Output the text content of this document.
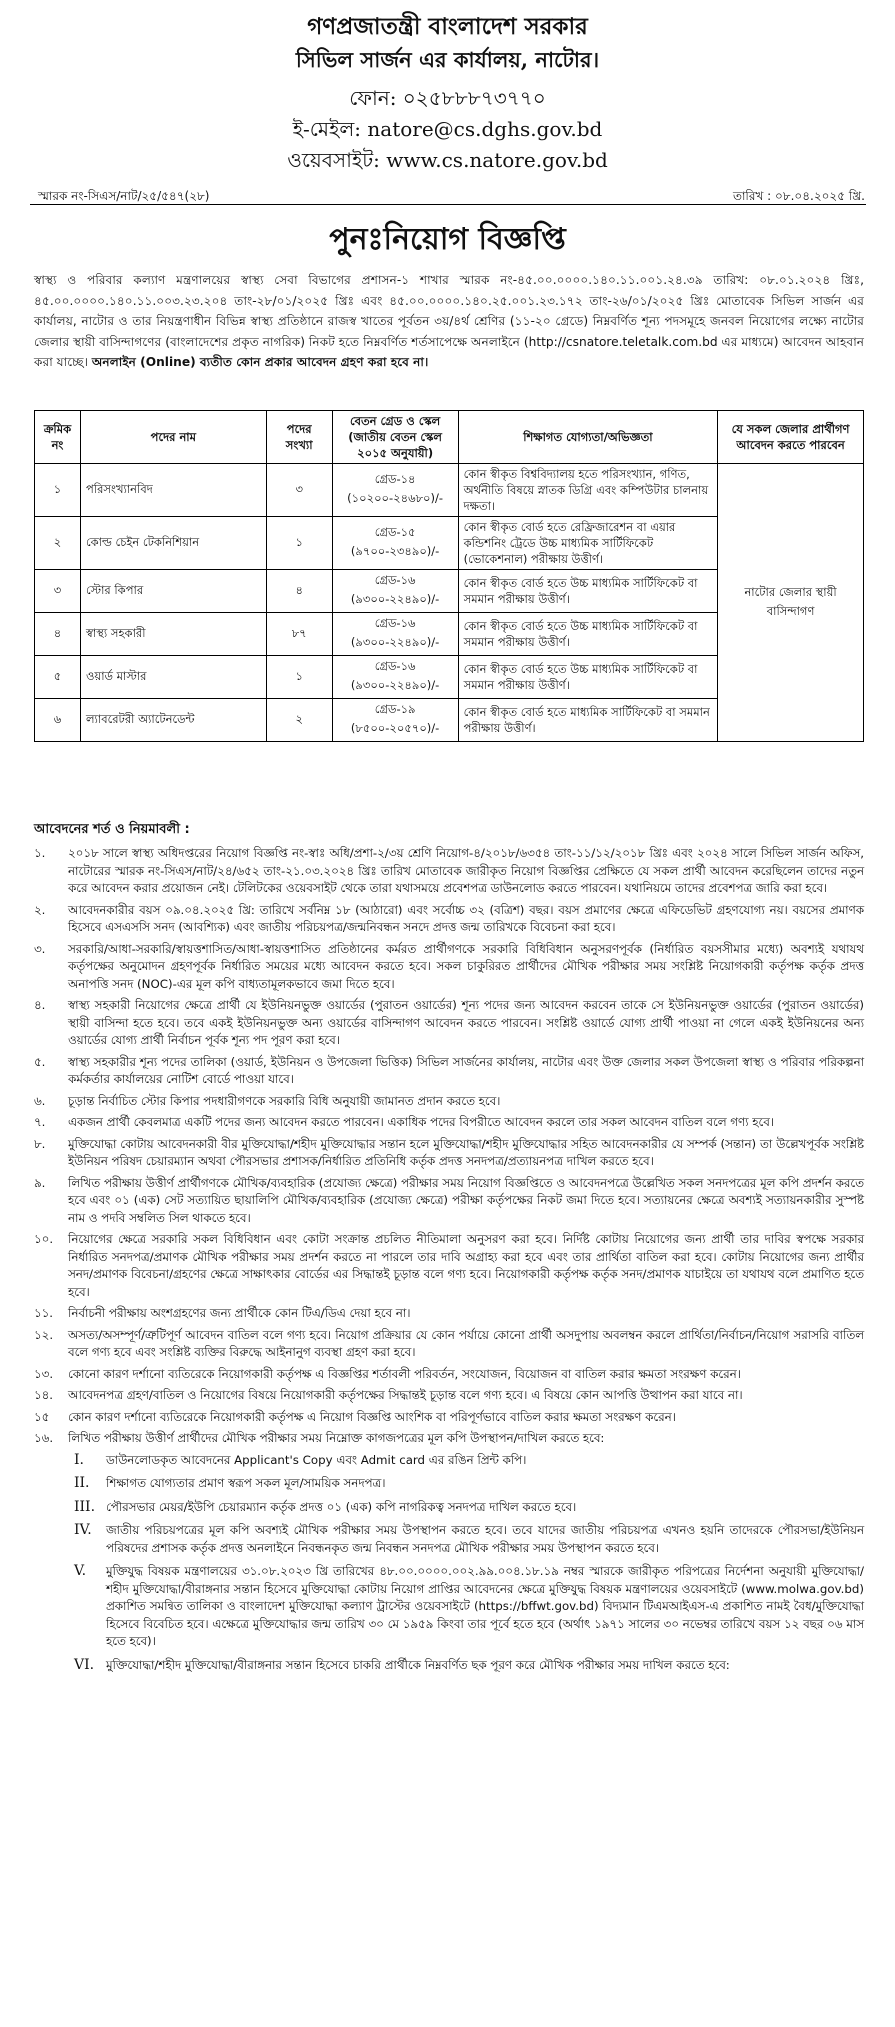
গণপ্রজাতন্ত্রী বাংলাদেশ সরকার
সিভিল সার্জন এর কার্যালয়, নাটোর।
ফোন: ০২৫৮৮৮৭৩৭৭০
ই-মেইল: natore@cs.dghs.gov.bd
ওয়েবসাইট: www.cs.natore.gov.bd
স্মারক নং-সিএস/নাট/২৫/৫৪৭(২৮)	তারিখ : ০৮.০৪.২০২৫ খ্রি.
পুনঃনিয়োগ বিজ্ঞপ্তি
স্বাস্থ্য ও পরিবার কল্যাণ মন্ত্রণালয়ের স্বাস্থ্য সেবা বিভাগের প্রশাসন-১ শাখার স্মারক নং-৪৫.০০.০০০০.১৪০.১১.০০১.২৪.৩৯ তারিখ: ০৮.০১.২০২৪ খ্রিঃ, ৪৫.০০.০০০০.১৪০.১১.০০৩.২৩.২০৪ তাং-২৮/০১/২০২৫ খ্রিঃ এবং ৪৫.০০.০০০০.১৪০.২৫.০০১.২৩.১৭২ তাং-২৬/০১/২০২৫ খ্রিঃ মোতাবেক সিভিল সার্জন এর কার্যালয়, নাটোর ও তার নিয়ন্ত্রণাধীন বিভিন্ন স্বাস্থ্য প্রতিষ্ঠানে রাজস্ব খাতের পূর্বতন ৩য়/৪র্থ শ্রেণির (১১-২০ গ্রেডে) নিম্নবর্ণিত শূন্য পদসমূহে জনবল নিয়োগের লক্ষ্যে নাটোর জেলার স্থায়ী বাসিন্দাগণের (বাংলাদেশের প্রকৃত নাগরিক) নিকট হতে নিম্নবর্ণিত শর্তসাপেক্ষে অনলাইনে (http://csnatore.teletalk.com.bd এর মাধ্যমে) আবেদন আহবান করা যাচ্ছে। অনলাইন (Online) ব্যতীত কোন প্রকার আবেদন গ্রহণ করা হবে না।
ক্রমিক নং	পদের নাম	পদের সংখ্যা	বেতন গ্রেড ও স্কেল (জাতীয় বেতন স্কেল ২০১৫ অনুযায়ী)	শিক্ষাগত যোগ্যতা/অভিজ্ঞতা	যে সকল জেলার প্রার্থীগণ আবেদন করতে পারবেন
১	পরিসংখ্যানবিদ	৩	গ্রেড-১৪
(১০২০০-২৪৬৮০)/-	কোন স্বীকৃত বিশ্ববিদ্যালয় হতে পরিসংখ্যান, গণিত, অর্থনীতি বিষয়ে স্নাতক ডিগ্রি এবং কম্পিউটার চালনায় দক্ষতা।	নাটোর জেলার স্থায়ী বাসিন্দাগণ
২	কোল্ড চেইন টেকনিশিয়ান	১	গ্রেড-১৫
(৯৭০০-২৩৪৯০)/-	কোন স্বীকৃত বোর্ড হতে রেফ্রিজারেশন বা এয়ার কন্ডিশনিং ট্রেডে উচ্চ মাধ্যমিক সার্টিফিকেট (ভোকেশনাল) পরীক্ষায় উত্তীর্ণ।	
৩	স্টোর কিপার	৪	গ্রেড-১৬
(৯৩০০-২২৪৯০)/-	কোন স্বীকৃত বোর্ড হতে উচ্চ মাধ্যমিক সার্টিফিকেট বা সমমান পরীক্ষায় উত্তীর্ণ।	
৪	স্বাস্থ্য সহকারী	৮৭	গ্রেড-১৬
(৯৩০০-২২৪৯০)/-	কোন স্বীকৃত বোর্ড হতে উচ্চ মাধ্যমিক সার্টিফিকেট বা সমমান পরীক্ষায় উত্তীর্ণ।	
৫	ওয়ার্ড মাস্টার	১	গ্রেড-১৬
(৯৩০০-২২৪৯০)/-	কোন স্বীকৃত বোর্ড হতে উচ্চ মাধ্যমিক সার্টিফিকেট বা সমমান পরীক্ষায় উত্তীর্ণ।	
৬	ল্যাবরেটরী অ্যাটেনডেন্ট	২	গ্রেড-১৯
(৮৫০০-২০৫৭০)/-	কোন স্বীকৃত বোর্ড হতে মাধ্যমিক সার্টিফিকেট বা সমমান পরীক্ষায় উত্তীর্ণ।	
আবেদনের শর্ত ও নিয়মাবলী :
১.	২০১৮ সালে স্বাস্থ্য অধিদপ্তরের নিয়োগ বিজ্ঞপ্তি নং-স্বাঃ অধি/প্রশা-২/৩য় শ্রেণি নিয়োগ-৪/২০১৮/৬৩৫৪ তাং-১১/১২/২০১৮ খ্রিঃ এবং ২০২৪ সালে সিভিল সার্জন অফিস, নাটোরের স্মারক নং-সিএস/নাট/২৪/৬৫২ তাং-২১.০৩.২০২৪ খ্রিঃ তারিখ মোতাবেক জারীকৃত নিয়োগ বিজ্ঞপ্তির প্রেক্ষিতে যে সকল প্রার্থী আবেদন করেছিলেন তাদের নতুন করে আবেদন করার প্রয়োজন নেই। টেলিটকের ওয়েবসাইট থেকে তারা যথাসময়ে প্রবেশপত্র ডাউনলোড করতে পারবেন। যথানিয়মে তাদের প্রবেশপত্র জারি করা হবে।
২.	আবেদনকারীর বয়স ০৯.০৪.২০২৫ খ্রি: তারিখে সর্বনিম্ন ১৮ (আঠারো) এবং সর্বোচ্চ ৩২ (বত্রিশ) বছর। বয়স প্রমাণের ক্ষেত্রে এফিডেভিট গ্রহণযোগ্য নয়। বয়সের প্রমাণক হিসেবে এসএসসি সনদ (আবশ্যিক) এবং জাতীয় পরিচয়পত্র/জন্মনিবন্ধন সনদে প্রদত্ত জন্ম তারিখকে বিবেচনা করা হবে।
৩.	সরকারি/আধা-সরকারি/স্বায়ত্তশাসিত/আধা-স্বায়ত্তশাসিত প্রতিষ্ঠানের কর্মরত প্রার্থীগণকে সরকারি বিধিবিধান অনুসরণপূর্বক (নির্ধারিত বয়সসীমার মধ্যে) অবশ্যই যথাযথ কর্তৃপক্ষের অনুমোদন গ্রহণপূর্বক নির্ধারিত সময়ের মধ্যে আবেদন করতে হবে। সকল চাকুরিরত প্রার্থীদের মৌখিক পরীক্ষার সময় সংশ্লিষ্ট নিয়োগকারী কর্তৃপক্ষ কর্তৃক প্রদত্ত অনাপত্তি সনদ (NOC)-এর মূল কপি বাধ্যতামূলকভাবে জমা দিতে হবে।
৪.	স্বাস্থ্য সহকারী নিয়োগের ক্ষেত্রে প্রার্থী যে ইউনিয়নভুক্ত ওয়ার্ডের (পুরাতন ওয়ার্ডের) শূন্য পদের জন্য আবেদন করবেন তাকে সে ইউনিয়নভুক্ত ওয়ার্ডের (পুরাতন ওয়ার্ডের) স্থায়ী বাসিন্দা হতে হবে। তবে একই ইউনিয়নভুক্ত অন্য ওয়ার্ডের বাসিন্দাগণ আবেদন করতে পারবেন। সংশ্লিষ্ট ওয়ার্ডে যোগ্য প্রার্থী পাওয়া না গেলে একই ইউনিয়নের অন্য ওয়ার্ডের যোগ্য প্রার্থী নির্বাচন পূর্বক শূন্য পদ পূরণ করা হবে।
৫.	স্বাস্থ্য সহকারীর শূন্য পদের তালিকা (ওয়ার্ড, ইউনিয়ন ও উপজেলা ভিত্তিক) সিভিল সার্জনের কার্যালয়, নাটোর এবং উক্ত জেলার সকল উপজেলা স্বাস্থ্য ও পরিবার পরিকল্পনা কর্মকর্তার কার্যালয়ের নোটিশ বোর্ডে পাওয়া যাবে।
৬.	চূড়ান্ত নির্বাচিত স্টোর কিপার পদধারীগণকে সরকারি বিধি অনুযায়ী জামানত প্রদান করতে হবে।
৭.	একজন প্রার্থী কেবলমাত্র একটি পদের জন্য আবেদন করতে পারবেন। একাধিক পদের বিপরীতে আবেদন করলে তার সকল আবেদন বাতিল বলে গণ্য হবে।
৮.	মুক্তিযোদ্ধা কোটায় আবেদনকারী বীর মুক্তিযোদ্ধা/শহীদ মুক্তিযোদ্ধার সন্তান হলে মুক্তিযোদ্ধা/শহীদ মুক্তিযোদ্ধার সহিত আবেদনকারীর যে সম্পর্ক (সন্তান) তা উল্লেখপূর্বক সংশ্লিষ্ট ইউনিয়ন পরিষদ চেয়ারম্যান অথবা পৌরসভার প্রশাসক/নির্ধারিত প্রতিনিধি কর্তৃক প্রদত্ত সনদপত্র/প্রত্যায়নপত্র দাখিল করতে হবে।
৯.	লিখিত পরীক্ষায় উত্তীর্ণ প্রার্থীগণকে মৌখিক/ব্যবহারিক (প্রযোজ্য ক্ষেত্রে) পরীক্ষার সময় নিয়োগ বিজ্ঞপ্তিতে ও আবেদনপত্রে উল্লেখিত সকল সনদপত্রের মূল কপি প্রদর্শন করতে হবে এবং ০১ (এক) সেট সত্যায়িত ছায়ালিপি মৌখিক/ব্যবহারিক (প্রযোজ্য ক্ষেত্রে) পরীক্ষা কর্তৃপক্ষের নিকট জমা দিতে হবে। সত্যায়নের ক্ষেত্রে অবশ্যই সত্যায়নকারীর সুস্পষ্ট নাম ও পদবি সম্বলিত সিল থাকতে হবে।
১০.	নিয়োগের ক্ষেত্রে সরকারি সকল বিধিবিধান এবং কোটা সংক্রান্ত প্রচলিত নীতিমালা অনুসরণ করা হবে। নির্দিষ্ট কোটায় নিয়োগের জন্য প্রার্থী তার দাবির স্বপক্ষে সরকার নির্ধারিত সনদপত্র/প্রমাণক মৌখিক পরীক্ষার সময় প্রদর্শন করতে না পারলে তার দাবি অগ্রাহ্য করা হবে এবং তার প্রার্থিতা বাতিল করা হবে। কোটায় নিয়োগের জন্য প্রার্থীর সনদ/প্রমাণক বিবেচনা/গ্রহণের ক্ষেত্রে সাক্ষাৎকার বোর্ডের এর সিদ্ধান্তই চূড়ান্ত বলে গণ্য হবে। নিয়োগকারী কর্তৃপক্ষ কর্তৃক সনদ/প্রমাণক যাচাইয়ে তা যথাযথ বলে প্রমাণিত হতে হবে।
১১.	নির্বাচনী পরীক্ষায় অংশগ্রহণের জন্য প্রার্থীকে কোন টিএ/ডিএ দেয়া হবে না।
১২.	অসত্য/অসম্পূর্ণ/ত্রুটিপূর্ণ আবেদন বাতিল বলে গণ্য হবে। নিয়োগ প্রক্রিয়ার যে কোন পর্যায়ে কোনো প্রার্থী অসদুপায় অবলম্বন করলে প্রার্থিতা/নির্বাচন/নিয়োগ সরাসরি বাতিল বলে গণ্য হবে এবং সংশ্লিষ্ট ব্যক্তির বিরুদ্ধে আইনানুগ ব্যবস্থা গ্রহণ করা হবে।
১৩.	কোনো কারণ দর্শানো ব্যতিরেকে নিয়োগকারী কর্তৃপক্ষ এ বিজ্ঞপ্তির শর্তাবলী পরিবর্তন, সংযোজন, বিয়োজন বা বাতিল করার ক্ষমতা সংরক্ষণ করেন।
১৪.	আবেদনপত্র গ্রহণ/বাতিল ও নিয়োগের বিষয়ে নিয়োগকারী কর্তৃপক্ষের সিদ্ধান্তই চূড়ান্ত বলে গণ্য হবে। এ বিষয়ে কোন আপত্তি উত্থাপন করা যাবে না।
১৫	কোন কারণ দর্শানো ব্যতিরেকে নিয়োগকারী কর্তৃপক্ষ এ নিয়োগ বিজ্ঞপ্তি আংশিক বা পরিপূর্ণভাবে বাতিল করার ক্ষমতা সংরক্ষণ করেন।
১৬.	লিখিত পরীক্ষায় উত্তীর্ণ প্রার্থীদের মৌখিক পরীক্ষার সময় নিম্নোক্ত কাগজপত্রের মূল কপি উপস্থাপন/দাখিল করতে হবে:
I.	ডাউনলোডকৃত আবেদনের Applicant's Copy এবং Admit card এর রঙিন প্রিন্ট কপি।
II.	শিক্ষাগত যোগ্যতার প্রমাণ স্বরূপ সকল মূল/সাময়িক সনদপত্র।
III. পৌরসভার মেয়র/ইউপি চেয়ারম্যান কর্তৃক প্রদত্ত ০১ (এক) কপি নাগরিকত্ব সনদপত্র দাখিল করতে হবে।
IV.	জাতীয় পরিচয়পত্রের মূল কপি অবশ্যই মৌখিক পরীক্ষার সময় উপস্থাপন করতে হবে। তবে যাদের জাতীয় পরিচয়পত্র এখনও হয়নি তাদেরকে পৌরসভা/ইউনিয়ন পরিষদের প্রশাসক কর্তৃক প্রদত্ত অনলাইনে নিবন্ধনকৃত জন্ম নিবন্ধন সনদপত্র মৌখিক পরীক্ষার সময় উপস্থাপন করতে হবে।
V.	মুক্তিযুদ্ধ বিষয়ক মন্ত্রণালয়ের ৩১.০৮.২০২৩ খ্রি তারিখের ৪৮.০০.০০০০.০০২.৯৯.০০৪.১৮.১৯ নম্বর স্মারকে জারীকৃত পরিপত্রের নির্দেশনা অনুযায়ী মুক্তিযোদ্ধা/শহীদ মুক্তিযোদ্ধা/বীরাঙ্গনার সন্তান হিসেবে মুক্তিযোদ্ধা কোটায় নিয়োগ প্রাপ্তির আবেদনের ক্ষেত্রে মুক্তিযুদ্ধ বিষয়ক মন্ত্রণালয়ের ওয়েবসাইটে (www.molwa.gov.bd) প্রকাশিত সমন্বিত তালিকা ও বাংলাদেশ মুক্তিযোদ্ধা কল্যাণ ট্রাস্টের ওয়েবসাইটে (https://bffwt.gov.bd) বিদ্যমান টিএমআইএস-এ প্রকাশিত নামই বৈধ/মুক্তিযোদ্ধা হিসেবে বিবেচিত হবে। এক্ষেত্রে মুক্তিযোদ্ধার জন্ম তারিখ ৩০ মে ১৯৫৯ কিংবা তার পূর্বে হতে হবে (অর্থাৎ ১৯৭১ সালের ৩০ নভেম্বর তারিখে বয়স ১২ বছর ০৬ মাস হতে হবে)।
VI.	মুক্তিযোদ্ধা/শহীদ মুক্তিযোদ্ধা/বীরাঙ্গনার সন্তান হিসেবে চাকরি প্রার্থীকে নিম্নবর্ণিত ছক পূরণ করে মৌখিক পরীক্ষার সময় দাখিল করতে হবে:
